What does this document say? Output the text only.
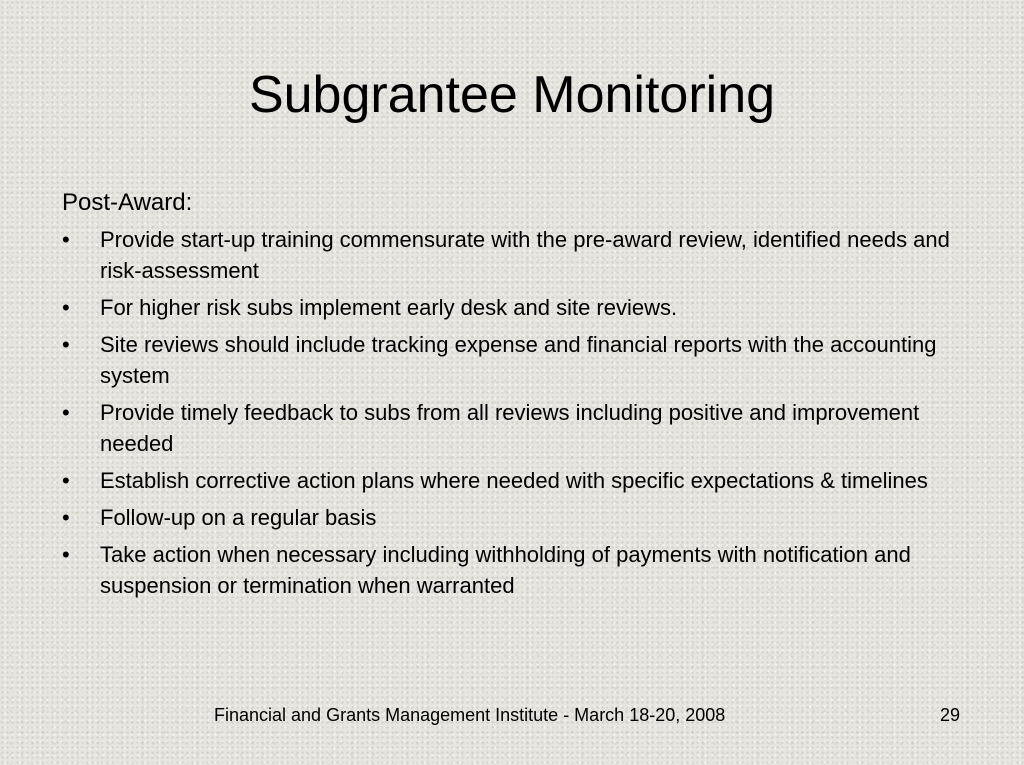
Subgrantee Monitoring
Post-Award:
•	Provide start-up training commensurate with the pre-award review, identified needs and risk-assessment
•	For higher risk subs implement early desk and site reviews.
•	Site reviews should include tracking expense and financial reports with the accounting system
•	Provide timely feedback to subs from all reviews including positive and improvement needed
•	Establish corrective action plans where needed with specific expectations & timelines
•	Follow-up on a regular basis
•	Take action when necessary including withholding of payments with notification and suspension or termination when warranted
Financial and Grants Management Institute - March 18-20, 2008	29
